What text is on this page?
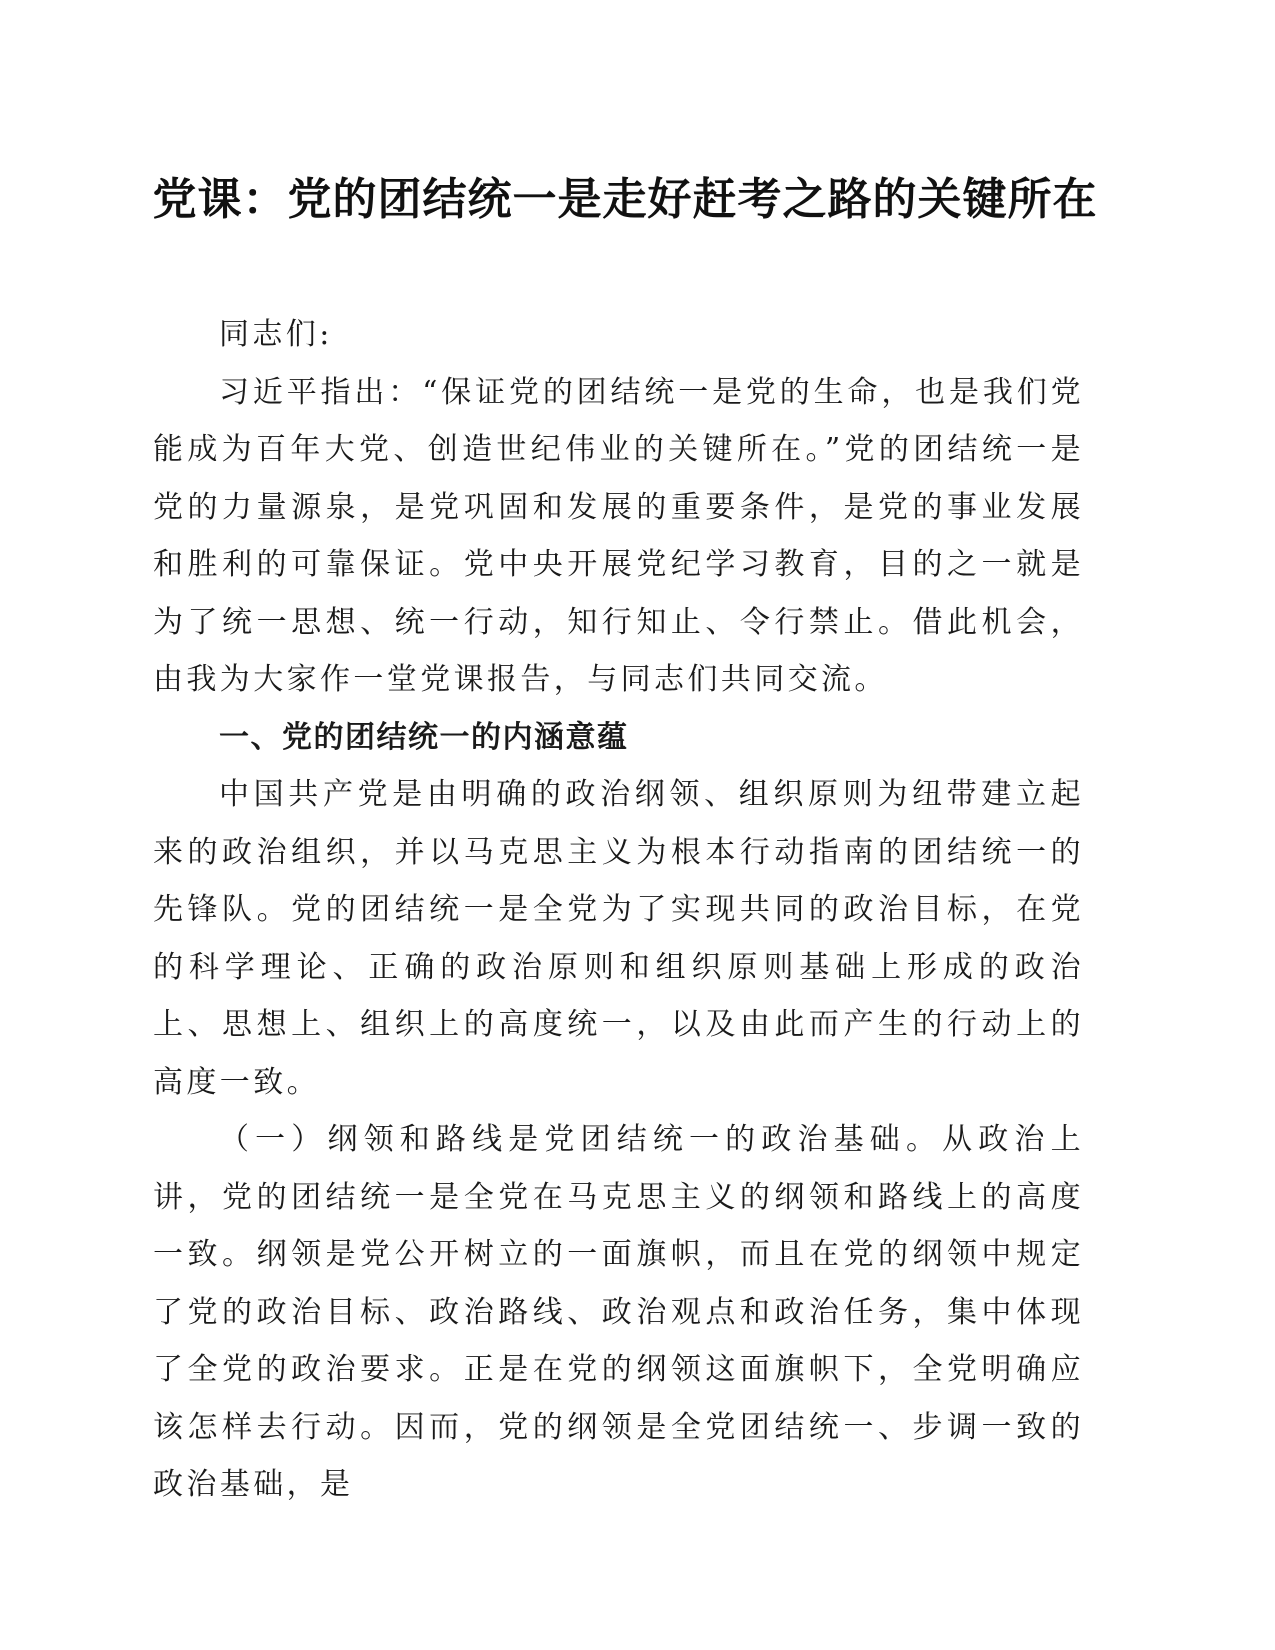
党课：党的团结统一是走好赶考之路的关键所在

同志们:

习近平指出：“保证党的团结统一是党的生命，也是我们党能成为百年大党、创造世纪伟业的关键所在。”党的团结统一是党的力量源泉，是党巩固和发展的重要条件，是党的事业发展和胜利的可靠保证。党中央开展党纪学习教育，目的之一就是为了统一思想、统一行动，知行知止、令行禁止。借此机会，由我为大家作一堂党课报告，与同志们共同交流。

一、党的团结统一的内涵意蕴

中国共产党是由明确的政治纲领、组织原则为纽带建立起来的政治组织，并以马克思主义为根本行动指南的团结统一的先锋队。党的团结统一是全党为了实现共同的政治目标，在党的科学理论、正确的政治原则和组织原则基础上形成的政治上、思想上、组织上的高度统一，以及由此而产生的行动上的高度一致。

（一）纲领和路线是党团结统一的政治基础。从政治上讲，党的团结统一是全党在马克思主义的纲领和路线上的高度一致。纲领是党公开树立的一面旗帜，而且在党的纲领中规定了党的政治目标、政治路线、政治观点和政治任务，集中体现了全党的政治要求。正是在党的纲领这面旗帜下，全党明确应该怎样去行动。因而，党的纲领是全党团结统一、步调一致的政治基础，是
